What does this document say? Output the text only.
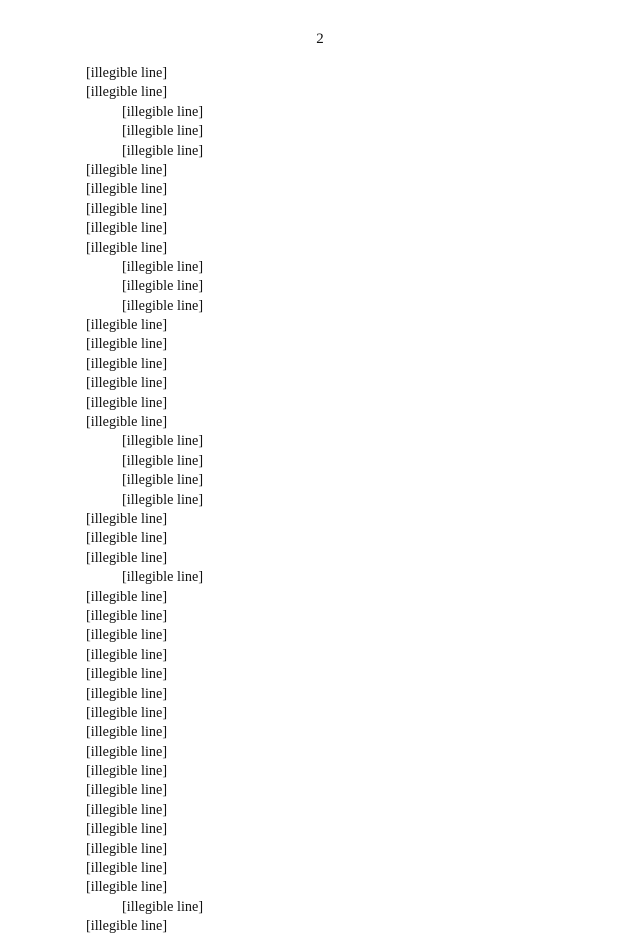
2
[illegible line]
[illegible line]
[illegible line]
[illegible line]
[illegible line]
[illegible line]
[illegible line]
[illegible line]
[illegible line]
[illegible line]
[illegible line]
[illegible line]
[illegible line]
[illegible line]
[illegible line]
[illegible line]
[illegible line]
[illegible line]
[illegible line]
[illegible line]
[illegible line]
[illegible line]
[illegible line]
[illegible line]
[illegible line]
[illegible line]
[illegible line]
[illegible line]
[illegible line]
[illegible line]
[illegible line]
[illegible line]
[illegible line]
[illegible line]
[illegible line]
[illegible line]
[illegible line]
[illegible line]
[illegible line]
[illegible line]
[illegible line]
[illegible line]
[illegible line]
[illegible line]
[illegible line]
